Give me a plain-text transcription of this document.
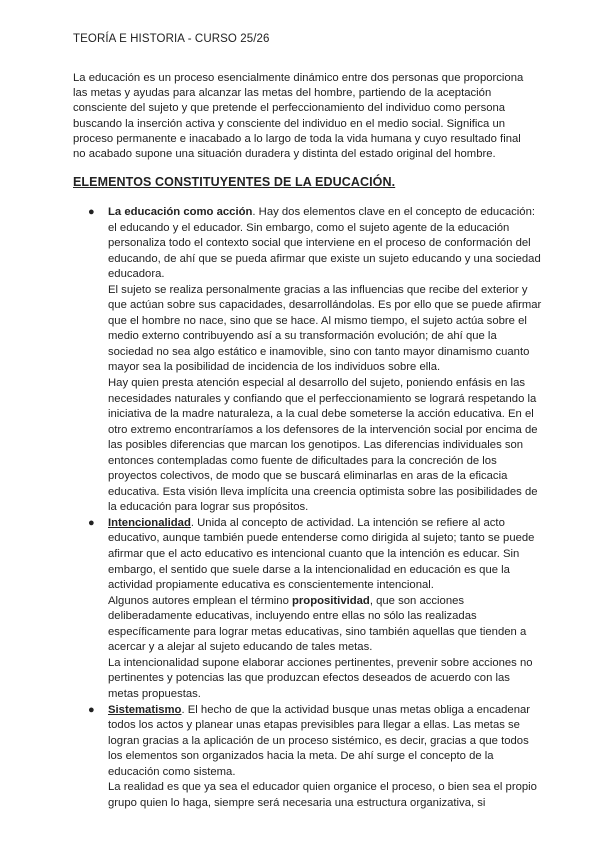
TEORÍA E HISTORIA - CURSO 25/26

La educación es un proceso esencialmente dinámico entre dos personas que proporciona las metas y ayudas para alcanzar las metas del hombre, partiendo de la aceptación consciente del sujeto y que pretende el perfeccionamiento del individuo como persona buscando la inserción activa y consciente del individuo en el medio social. Significa un proceso permanente e inacabado a lo largo de toda la vida humana y cuyo resultado final no acabado supone una situación duradera y distinta del estado original del hombre.

ELEMENTOS CONSTITUYENTES DE LA EDUCACIÓN.
● La educación como acción. Hay dos elementos clave en el concepto de educación: el educando y el educador. Sin embargo, como el sujeto agente de la educación personaliza todo el contexto social que interviene en el proceso de conformación del educando, de ahí que se pueda afirmar que existe un sujeto educando y una sociedad educadora.

El sujeto se realiza personalmente gracias a las influencias que recibe del exterior y que actúan sobre sus capacidades, desarrollándolas. Es por ello que se puede afirmar que el hombre no nace, sino que se hace. Al mismo tiempo, el sujeto actúa sobre el medio externo contribuyendo así a su transformación evolución; de ahí que la sociedad no sea algo estático e inamovible, sino con tanto mayor dinamismo cuanto mayor sea la posibilidad de incidencia de los individuos sobre ella.

Hay quien presta atención especial al desarrollo del sujeto, poniendo enfásis en las necesidades naturales y confiando que el perfeccionamiento se logrará respetando la iniciativa de la madre naturaleza, a la cual debe someterse la acción educativa. En el otro extremo encontraríamos a los defensores de la intervención social por encima de las posibles diferencias que marcan los genotipos. Las diferencias individuales son entonces contempladas como fuente de dificultades para la concreción de los proyectos colectivos, de modo que se buscará eliminarlas en aras de la eficacia educativa. Esta visión lleva implícita una creencia optimista sobre las posibilidades de la educación para lograr sus propósitos.

● Intencionalidad. Unida al concepto de actividad. La intención se refiere al acto educativo, aunque también puede entenderse como dirigida al sujeto; tanto se puede afirmar que el acto educativo es intencional cuanto que la intención es educar. Sin embargo, el sentido que suele darse a la intencionalidad en educación es que la actividad propiamente educativa es conscientemente intencional.

Algunos autores emplean el término propositividad, que son acciones deliberadamente educativas, incluyendo entre ellas no sólo las realizadas específicamente para lograr metas educativas, sino también aquellas que tienden a acercar y a alejar al sujeto educando de tales metas.

La intencionalidad supone elaborar acciones pertinentes, prevenir sobre acciones no pertinentes y potencias las que produzcan efectos deseados de acuerdo con las metas propuestas.

● Sistematismo. El hecho de que la actividad busque unas metas obliga a encadenar todos los actos y planear unas etapas previsibles para llegar a ellas. Las metas se logran gracias a la aplicación de un proceso sistémico, es decir, gracias a que todos los elementos son organizados hacia la meta. De ahí surge el concepto de la educación como sistema.

La realidad es que ya sea el educador quien organice el proceso, o bien sea el propio grupo quien lo haga, siempre será necesaria una estructura organizativa, si
